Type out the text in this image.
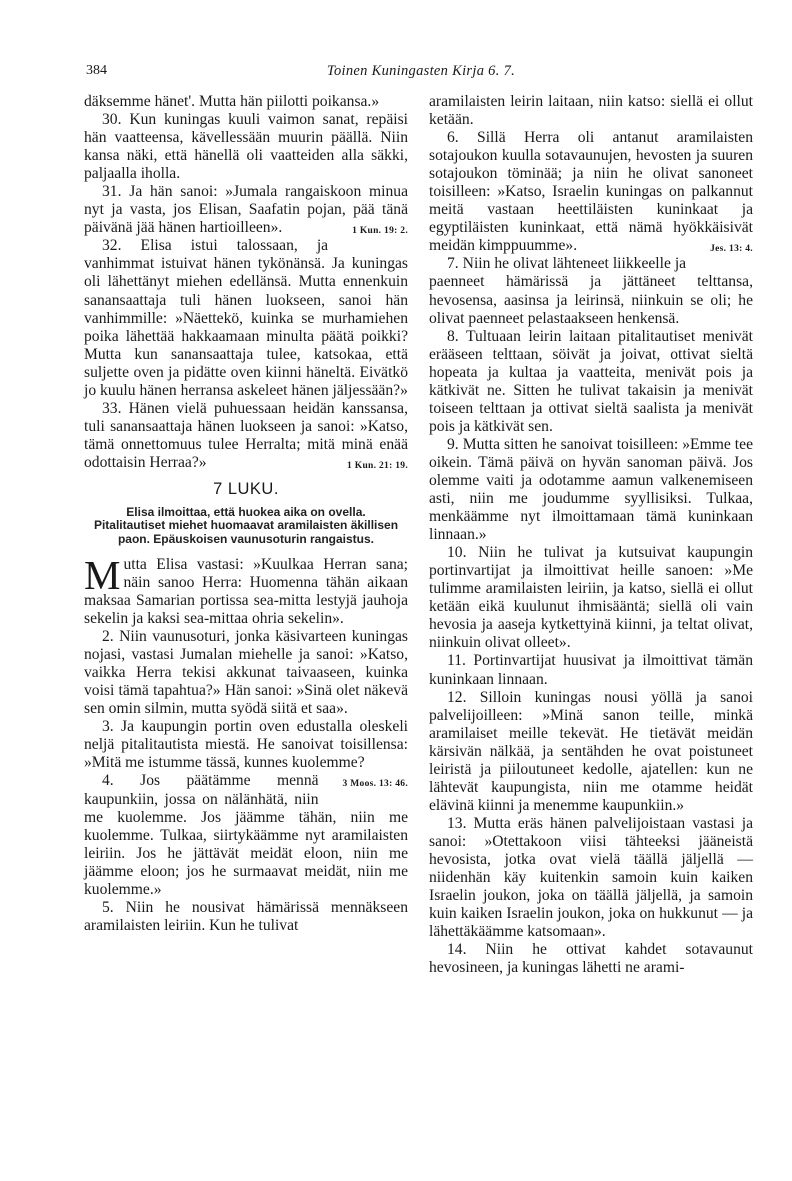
384	Toinen Kuningasten Kirja 6. 7.

däksemme hänet'. Mutta hän piilotti poikansa.»

30. Kun kuningas kuuli vaimon sanat, repäisi hän vaatteensa, kävellessään muurin päällä. Niin kansa näki, että hänellä oli vaatteiden alla säkki, paljaalla iholla.

31. Ja hän sanoi: »Jumala rangaiskoon minua nyt ja vasta, jos Elisan, Saafatin pojan, pää tänä päivänä jää hänen hartioilleen».	1 Kun. 19: 2.

32. Elisa istui talossaan, ja vanhimmat istuivat hänen tykönänsä. Ja kuningas oli lähettänyt miehen edellänsä. Mutta ennenkuin sanansaattaja tuli hänen luokseen, sanoi hän vanhimmille: »Näettekö, kuinka se murhamiehen poika lähettää hakkaamaan minulta päätä poikki? Mutta kun sanansaattaja tulee, katsokaa, että suljette oven ja pidätte oven kiinni häneltä. Eivätkö jo kuulu hänen herransa askeleet hänen jäljessään?»

33. Hänen vielä puhuessaan heidän kanssansa, tuli sanansaattaja hänen luokseen ja sanoi: »Katso, tämä onnettomuus tulee Herralta; mitä minä enää odottaisin Herraa?»	1 Kun. 21: 19.

7 LUKU.
Elisa ilmoittaa, että huokea aika on ovella. Pitalitautiset miehet huomaavat aramilaisten äkillisen paon. Epäuskoisen vaunusoturin rangaistus.

Mutta Elisa vastasi: »Kuulkaa Herran sana; näin sanoo Herra: Huomenna tähän aikaan maksaa Samarian portissa sea-mitta lestyjä jauhoja sekelin ja kaksi sea-mittaa ohria sekelin».

2. Niin vaunusoturi, jonka käsivarteen kuningas nojasi, vastasi Jumalan miehelle ja sanoi: »Katso, vaikka Herra tekisi akkunat taivaaseen, kuinka voisi tämä tapahtua?» Hän sanoi: »Sinä olet näkevä sen omin silmin, mutta syödä siitä et saa».

3. Ja kaupungin portin oven edustalla oleskeli neljä pitalitautista miestä. He sanoivat toisillensa: »Mitä me istumme tässä, kunnes kuolemme?
3 Moos. 13: 46.

4. Jos päätämme mennä kaupunkiin, jossa on nälänhätä, niin me kuolemme. Jos jäämme tähän, niin me kuolemme. Tulkaa, siirtykäämme nyt aramilaisten leiriin. Jos he jättävät meidät eloon, niin me jäämme eloon; jos he surmaavat meidät, niin me kuolemme.»

5. Niin he nousivat hämärissä mennäkseen aramilaisten leiriin. Kun he tulivat

aramilaisten leirin laitaan, niin katso: siellä ei ollut ketään.

6. Sillä Herra oli antanut aramilaisten sotajoukon kuulla sotavaunujen, hevosten ja suuren sotajoukon töminää; ja niin he olivat sanoneet toisilleen: »Katso, Israelin kuningas on palkannut meitä vastaan heettiläisten kuninkaat ja egyptiläisten kuninkaat, että nämä hyökkäisivät meidän kimppuumme».	Jes. 13: 4.

7. Niin he olivat lähteneet liikkeelle ja paenneet hämärissä ja jättäneet telttansa, hevosensa, aasinsa ja leirinsä, niinkuin se oli; he olivat paenneet pelastaakseen henkensä.

8. Tultuaan leirin laitaan pitalitautiset menivät erääseen telttaan, söivät ja joivat, ottivat sieltä hopeata ja kultaa ja vaatteita, menivät pois ja kätkivät ne. Sitten he tulivat takaisin ja menivät toiseen telttaan ja ottivat sieltä saalista ja menivät pois ja kätkivät sen.

9. Mutta sitten he sanoivat toisilleen: »Emme tee oikein. Tämä päivä on hyvän sanoman päivä. Jos olemme vaiti ja odotamme aamun valkenemiseen asti, niin me joudumme syyllisiksi. Tulkaa, menkäämme nyt ilmoittamaan tämä kuninkaan linnaan.»

10. Niin he tulivat ja kutsuivat kaupungin portinvartijat ja ilmoittivat heille sanoen: »Me tulimme aramilaisten leiriin, ja katso, siellä ei ollut ketään eikä kuulunut ihmisääntä; siellä oli vain hevosia ja aaseja kytkettyinä kiinni, ja teltat olivat, niinkuin olivat olleet».

11. Portinvartijat huusivat ja ilmoittivat tämän kuninkaan linnaan.

12. Silloin kuningas nousi yöllä ja sanoi palvelijoilleen: »Minä sanon teille, minkä aramilaiset meille tekevät. He tietävät meidän kärsivän nälkää, ja sentähden he ovat poistuneet leiristä ja piiloutuneet kedolle, ajatellen: kun ne lähtevät kaupungista, niin me otamme heidät elävinä kiinni ja menemme kaupunkiin.»

13. Mutta eräs hänen palvelijoistaan vastasi ja sanoi: »Otettakoon viisi tähteeksi jääneistä hevosista, jotka ovat vielä täällä jäljellä — niidenhän käy kuitenkin samoin kuin kaiken Israelin joukon, joka on täällä jäljellä, ja samoin kuin kaiken Israelin joukon, joka on hukkunut — ja lähettäkäämme katsomaan».

14. Niin he ottivat kahdet sotavaunut hevosineen, ja kuningas lähetti ne arami-
